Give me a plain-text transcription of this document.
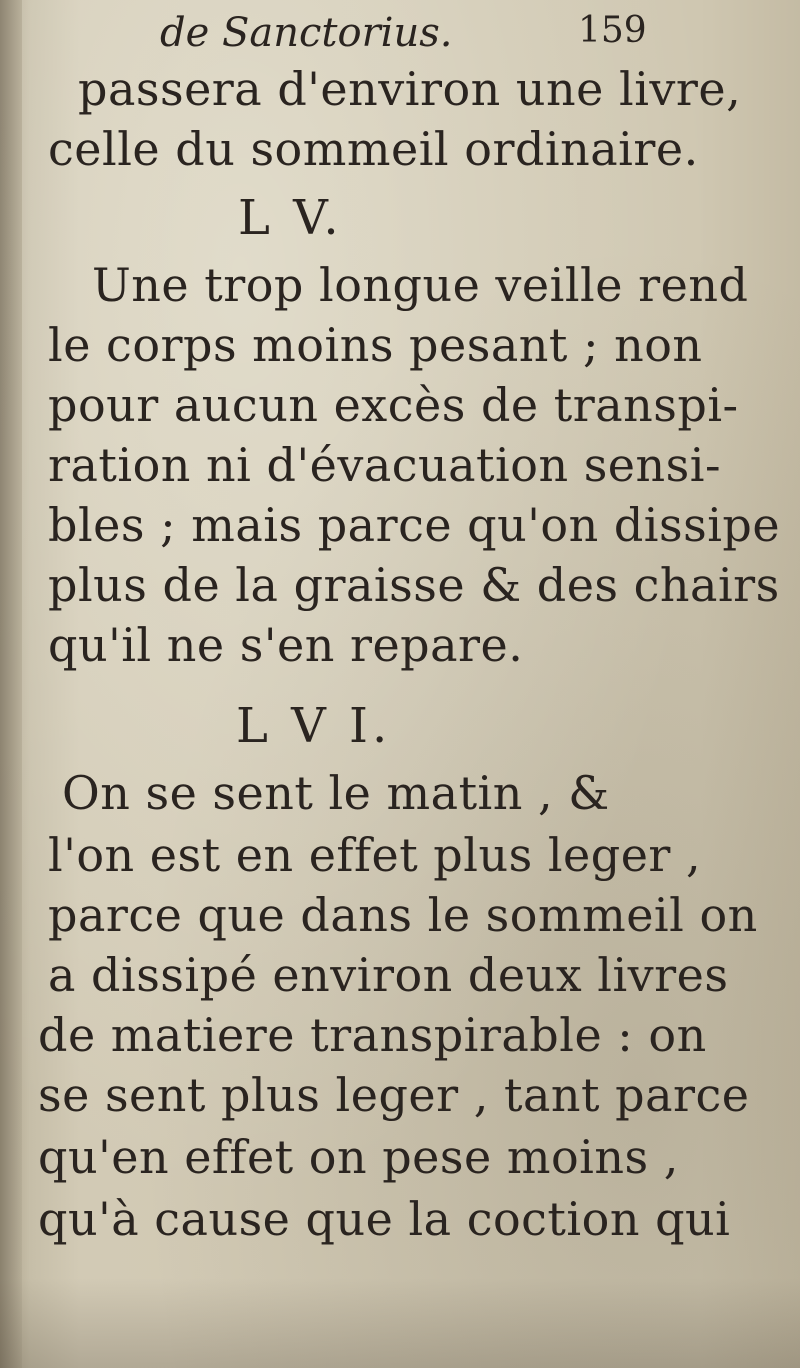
de Sanctorius.	159
passera d'environ une livre,
celle du sommeil ordinaire.
L V.
Une trop longue veille rend
le corps moins pesant ; non
pour aucun excès de transpi-
ration ni d'évacuation sensi-
bles ; mais parce qu'on dissipe
plus de la graisse & des chairs
qu'il ne s'en repare.
L V I.
On se sent le matin , &
l'on est en effet plus leger ,
parce que dans le sommeil on
a dissipé environ deux livres
de matiere transpirable : on
se sent plus leger , tant parce
qu'en effet on pese moins ,
qu'à cause que la coction qui
